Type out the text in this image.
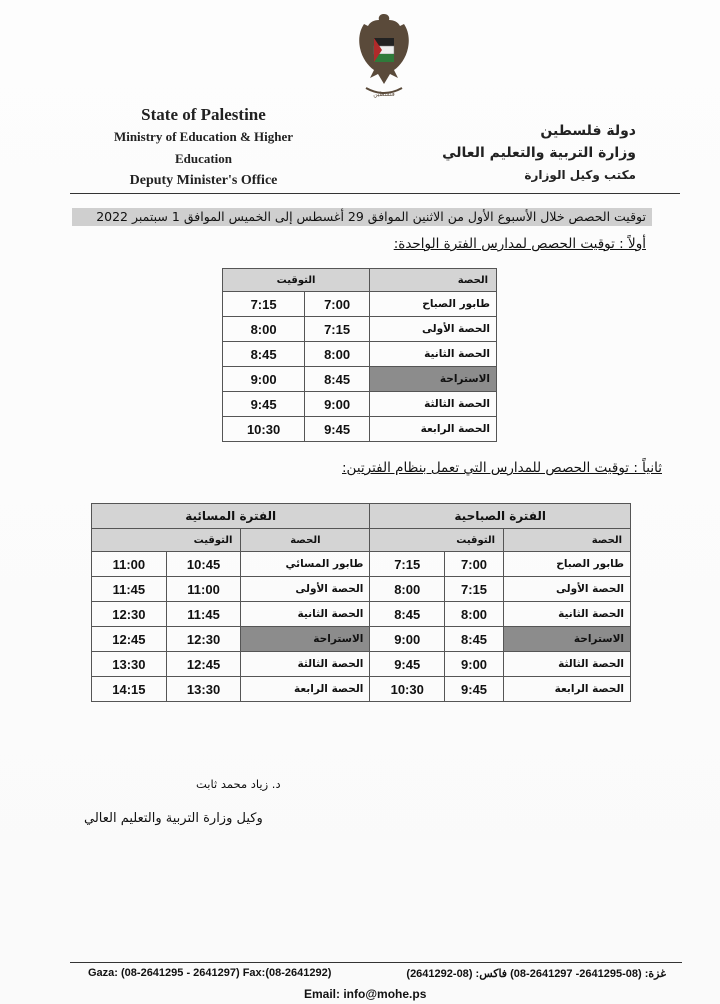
فلسطين
State of Palestine
Ministry of Education & Higher
Education
Deputy Minister's Office
دولة فلسطين
وزارة التربية والتعليم العالي
مكتب وكيل الوزارة
توقيت الحصص خلال الأسبوع الأول من الاثنين الموافق 29 أغسطس إلى الخميس الموافق 1 سبتمبر 2022
أولاً : توقيت الحصص لمدارس الفترة الواحدة:
الحصة	التوقيت	
طابور الصباح	7:00	7:15
الحصة الأولى	7:15	8:00
الحصة الثانية	8:00	8:45
الاستراحة	8:45	9:00
الحصة الثالثة	9:00	9:45
الحصة الرابعة	9:45	10:30
ثانياً : توقيت الحصص للمدارس التي تعمل بنظام الفترتين:
الفترة الصباحية			الفترة المسائية		
الحصة	التوقيت		الحصة	التوقيت	
طابور الصباح	7:00	7:15	طابور المسائي	10:45	11:00
الحصة الأولى	7:15	8:00	الحصة الأولى	11:00	11:45
الحصة الثانية	8:00	8:45	الحصة الثانية	11:45	12:30
الاستراحة	8:45	9:00	الاستراحة	12:30	12:45
الحصة الثالثة	9:00	9:45	الحصة الثالثة	12:45	13:30
الحصة الرابعة	9:45	10:30	الحصة الرابعة	13:30	14:15
د. زياد محمد ثابت
وكيل وزارة التربية والتعليم العالي
Gaza: (08-2641295 - 2641297) Fax:(08-2641292)	غزة: (08-2641295- 2641297-08) فاكس: (08-2641292)
Email: info@mohe.ps
